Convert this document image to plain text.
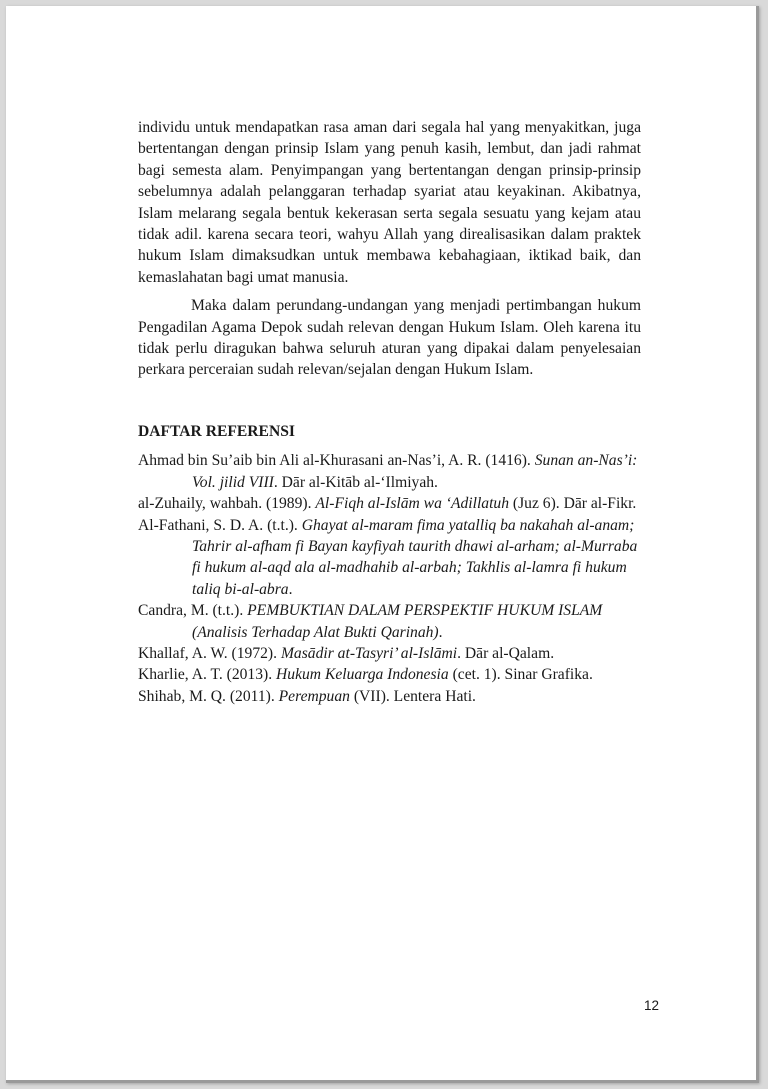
individu untuk mendapatkan rasa aman dari segala hal yang menyakitkan, juga bertentangan dengan prinsip Islam yang penuh kasih, lembut, dan jadi rahmat bagi semesta alam. Penyimpangan yang bertentangan dengan prinsip-prinsip sebelumnya adalah pelanggaran terhadap syariat atau keyakinan. Akibatnya, Islam melarang segala bentuk kekerasan serta segala sesuatu yang kejam atau tidak adil. karena secara teori, wahyu Allah yang direalisasikan dalam praktek hukum Islam dimaksudkan untuk membawa kebahagiaan, iktikad baik, dan kemaslahatan bagi umat manusia.

Maka dalam perundang-undangan yang menjadi pertimbangan hukum Pengadilan Agama Depok sudah relevan dengan Hukum Islam. Oleh karena itu tidak perlu diragukan bahwa seluruh aturan yang dipakai dalam penyelesaian perkara perceraian sudah relevan/sejalan dengan Hukum Islam.

DAFTAR REFERENSI
Ahmad bin Su’aib bin Ali al-Khurasani an-Nas’i, A. R. (1416). Sunan an-Nas’i: Vol. jilid VIII. Dār al-Kitāb al-‘Ilmiyah.
al-Zuhaily, wahbah. (1989). Al-Fiqh al-Islām wa ‘Adillatuh (Juz 6). Dār al-Fikr.
Al-Fathani, S. D. A. (t.t.). Ghayat al-maram fima yatalliq ba nakahah al-anam; Tahrir al-afham fi Bayan kayfiyah taurith dhawi al-arham; al-Murraba fi hukum al-aqd ala al-madhahib al-arbah; Takhlis al-lamra fi hukum taliq bi-al-abra.
Candra, M. (t.t.). PEMBUKTIAN DALAM PERSPEKTIF HUKUM ISLAM (Analisis Terhadap Alat Bukti Qarinah).
Khallaf, A. W. (1972). Masādir at-Tasyri’ al-Islāmi. Dār al-Qalam.
Kharlie, A. T. (2013). Hukum Keluarga Indonesia (cet. 1). Sinar Grafika.
Shihab, M. Q. (2011). Perempuan (VII). Lentera Hati.
12
